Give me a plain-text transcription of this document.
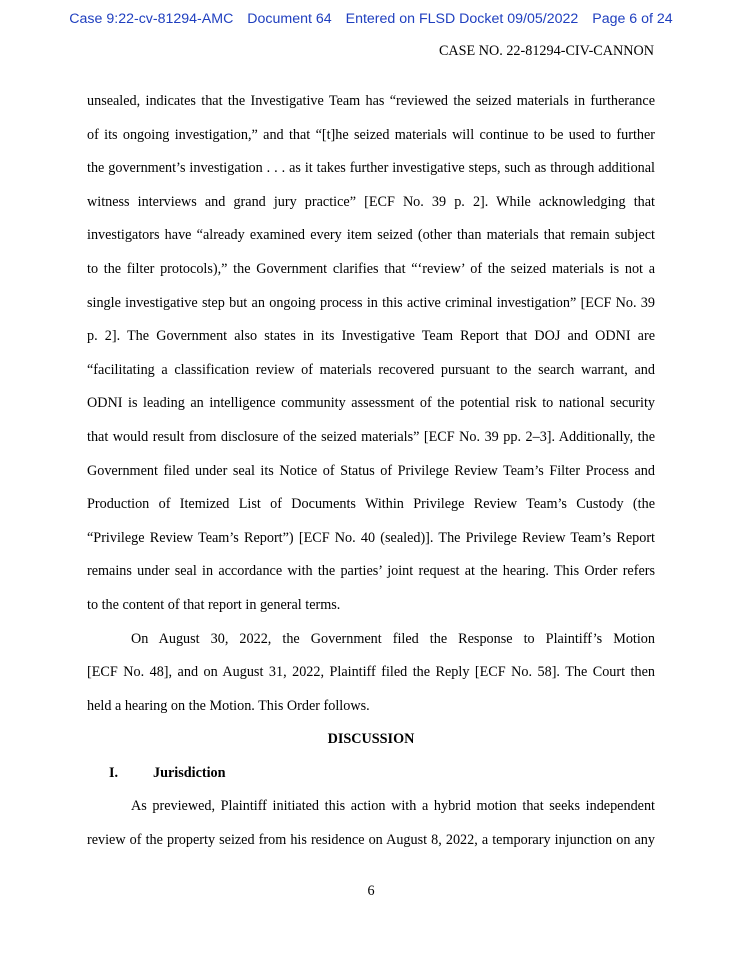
Case 9:22-cv-81294-AMC Document 64 Entered on FLSD Docket 09/05/2022 Page 6 of 24
CASE NO. 22-81294-CIV-CANNON
unsealed, indicates that the Investigative Team has “reviewed the seized materials in furtherance
of its ongoing investigation,” and that “[t]he seized materials will continue to be used to further
the government’s investigation . . . as it takes further investigative steps, such as through additional
witness interviews and grand jury practice” [ECF No. 39 p. 2]. While acknowledging that
investigators have “already examined every item seized (other than materials that remain subject
to the filter protocols),” the Government clarifies that “‘review’ of the seized materials is not a
single investigative step but an ongoing process in this active criminal investigation” [ECF No. 39
p. 2]. The Government also states in its Investigative Team Report that DOJ and ODNI are
“facilitating a classification review of materials recovered pursuant to the search warrant, and
ODNI is leading an intelligence community assessment of the potential risk to national security
that would result from disclosure of the seized materials” [ECF No. 39 pp. 2–3]. Additionally, the
Government filed under seal its Notice of Status of Privilege Review Team’s Filter Process and
Production of Itemized List of Documents Within Privilege Review Team’s Custody (the
“Privilege Review Team’s Report”) [ECF No. 40 (sealed)]. The Privilege Review Team’s Report
remains under seal in accordance with the parties’ joint request at the hearing. This Order refers
to the content of that report in general terms.
On August 30, 2022, the Government filed the Response to Plaintiff’s Motion
[ECF No. 48], and on August 31, 2022, Plaintiff filed the Reply [ECF No. 58]. The Court then
held a hearing on the Motion. This Order follows.
DISCUSSION
I. Jurisdiction
As previewed, Plaintiff initiated this action with a hybrid motion that seeks independent
review of the property seized from his residence on August 8, 2022, a temporary injunction on any
6
